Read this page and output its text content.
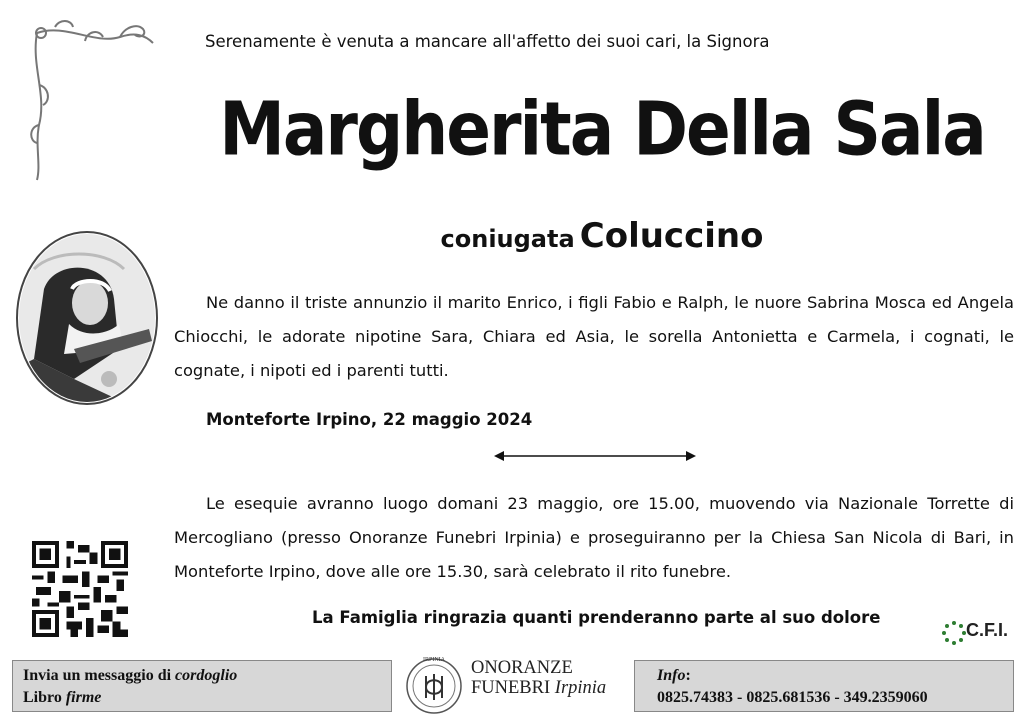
Serenamente è venuta a mancare all'affetto dei suoi cari, la Signora
Margherita Della Sala
coniugata Coluccino
Ne danno il triste annunzio il marito Enrico, i figli Fabio e Ralph, le nuore Sabrina Mosca ed Angela Chiocchi, le adorate nipotine Sara, Chiara ed Asia, le sorella Antonietta e Carmela, i cognati, le cognate, i nipoti ed i parenti tutti.
Monteforte Irpino, 22 maggio 2024
Le esequie avranno luogo domani 23 maggio, ore 15.00, muovendo via Nazionale Torrette di Mercogliano (presso Onoranze Funebri Irpinia) e proseguiranno per la Chiesa San Nicola di Bari, in Monteforte Irpino, dove alle ore 15.30, sarà celebrato il rito funebre.
La Famiglia ringrazia quanti prenderanno parte al suo dolore
C.F.I.
Invia un messaggio di cordoglio
Libro firme
IRPINIA ONORANZE
FUNEBRI Irpinia
Info:
0825.74383 - 0825.681536 - 349.2359060
